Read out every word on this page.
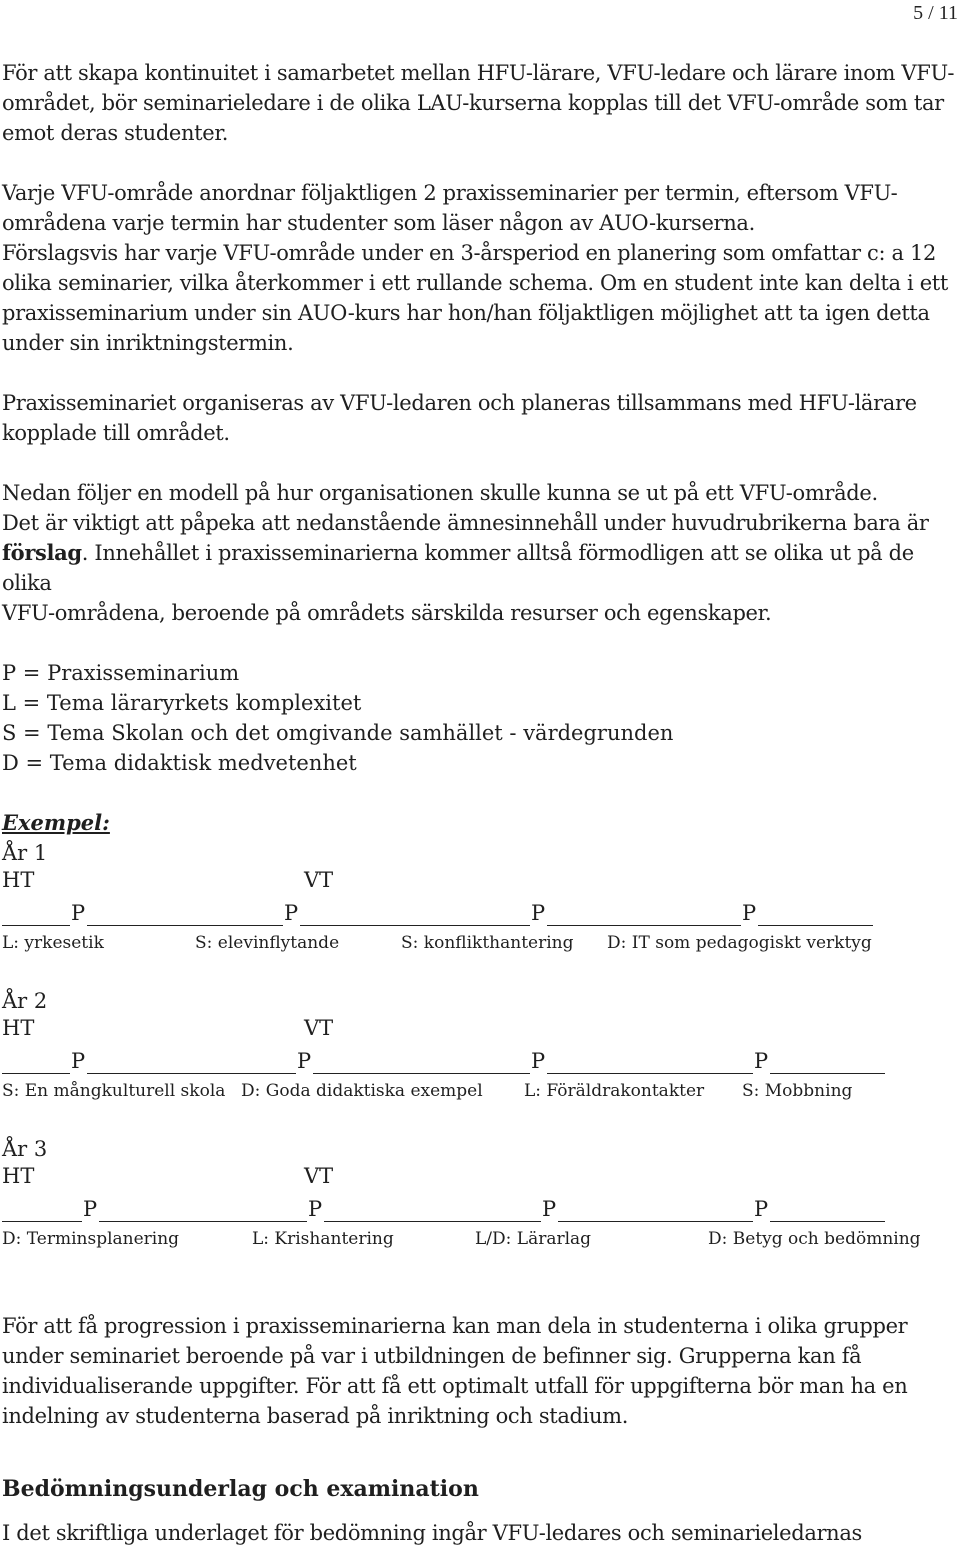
5 / 11

För att skapa kontinuitet i samarbetet mellan HFU-lärare, VFU-ledare och lärare inom VFU-

området, bör seminarieledare i de olika LAU-kurserna kopplas till det VFU-område som tar

emot deras studenter.

Varje VFU-område anordnar följaktligen 2 praxisseminarier per termin, eftersom VFU-

områdena varje termin har studenter som läser någon av AUO-kurserna.

Förslagsvis har varje VFU-område under en 3-årsperiod en planering som omfattar c: a 12

olika seminarier, vilka återkommer i ett rullande schema. Om en student inte kan delta i ett

praxisseminarium under sin AUO-kurs har hon/han följaktligen möjlighet att ta igen detta

under sin inriktningstermin.

Praxisseminariet organiseras av VFU-ledaren och planeras tillsammans med HFU-lärare

kopplade till området.

Nedan följer en modell på hur organisationen skulle kunna se ut på ett VFU-område.

Det är viktigt att påpeka att nedanstående ämnesinnehåll under huvudrubrikerna bara är

förslag. Innehållet i praxisseminarierna kommer alltså förmodligen att se olika ut på de olika

VFU-områdena, beroende på områdets särskilda resurser och egenskaper.

P = Praxisseminarium
L = Tema läraryrkets komplexitet
S = Tema Skolan och det omgivande samhället - värdegrunden
D = Tema didaktisk medvetenhet
Exempel:
År 1
HT	VT
P	P	P	P
L: yrkesetik	S: elevinflytande	S: konflikthantering D: IT som pedagogiskt verktyg
År 2
HT	VT
P	P	P	P
S: En mångkulturell skola D: Goda didaktiska exempel L: Föräldrakontakter S: Mobbning
År 3
HT	VT
P	P	P	P
D: Terminsplanering	L: Krishantering	L/D: Lärarlag	D: Betyg och bedömning

För att få progression i praxisseminarierna kan man dela in studenterna i olika grupper

under seminariet beroende på var i utbildningen de befinner sig. Grupperna kan få

individualiserande uppgifter. För att få ett optimalt utfall för uppgifterna bör man ha en

indelning av studenterna baserad på inriktning och stadium.

Bedömningsunderlag och examination

I det skriftliga underlaget för bedömning ingår VFU-ledares och seminarieledarnas
